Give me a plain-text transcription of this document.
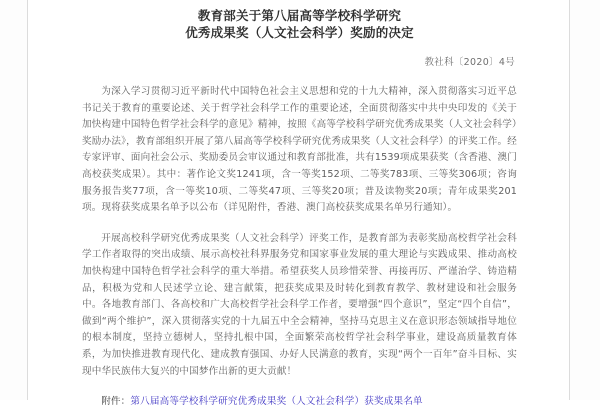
教育部关于第八届高等学校科学研究
优秀成果奖（人文社会科学）奖励的决定
教社科〔2020〕4号

为深入学习贯彻习近平新时代中国特色社会主义思想和党的十九大精神，深入贯彻落实习近平总书记关于教育的重要论述、关于哲学社会科学工作的重要论述，全面贯彻落实中共中央印发的《关于加快构建中国特色哲学社会科学的意见》精神，按照《高等学校科学研究优秀成果奖（人文社会科学）奖励办法》，教育部组织开展了第八届高等学校科学研究优秀成果奖（人文社会科学）的评奖工作。经专家评审、面向社会公示、奖励委员会审议通过和教育部批准，共有1539项成果获奖（含香港、澳门高校获奖成果）。其中：著作论文奖1241项，含一等奖152项、二等奖783项、三等奖306项；咨询服务报告奖77项，含一等奖10项、二等奖47项、三等奖20项；普及读物奖20项；青年成果奖201项。现将获奖成果名单予以公布（详见附件，香港、澳门高校获奖成果名单另行通知）。

开展高校科学研究优秀成果奖（人文社会科学）评奖工作，是教育部为表彰奖励高校哲学社会科学工作者取得的突出成绩、展示高校社科界服务党和国家事业发展的重大理论与实践成果、推动高校加快构建中国特色哲学社会科学的重大举措。希望获奖人员珍惜荣誉、再接再厉、严谨治学、铸造精品，积极为党和人民述学立论、建言献策，把获奖成果及时转化到教育教学、教材建设和社会服务中。各地教育部门、各高校和广大高校哲学社会科学工作者，要增强“四个意识”，坚定“四个自信”，做到“两个维护”，深入贯彻落实党的十九届五中全会精神，坚持马克思主义在意识形态领域指导地位的根本制度，坚持立德树人，坚持扎根中国，全面繁荣高校哲学社会科学事业，建设高质量教育体系，为加快推进教育现代化、建成教育强国、办好人民满意的教育，实现“两个一百年”奋斗目标、实现中华民族伟大复兴的中国梦作出新的更大贡献！

附件：第八届高等学校科学研究优秀成果奖（人文社会科学）获奖成果名单
